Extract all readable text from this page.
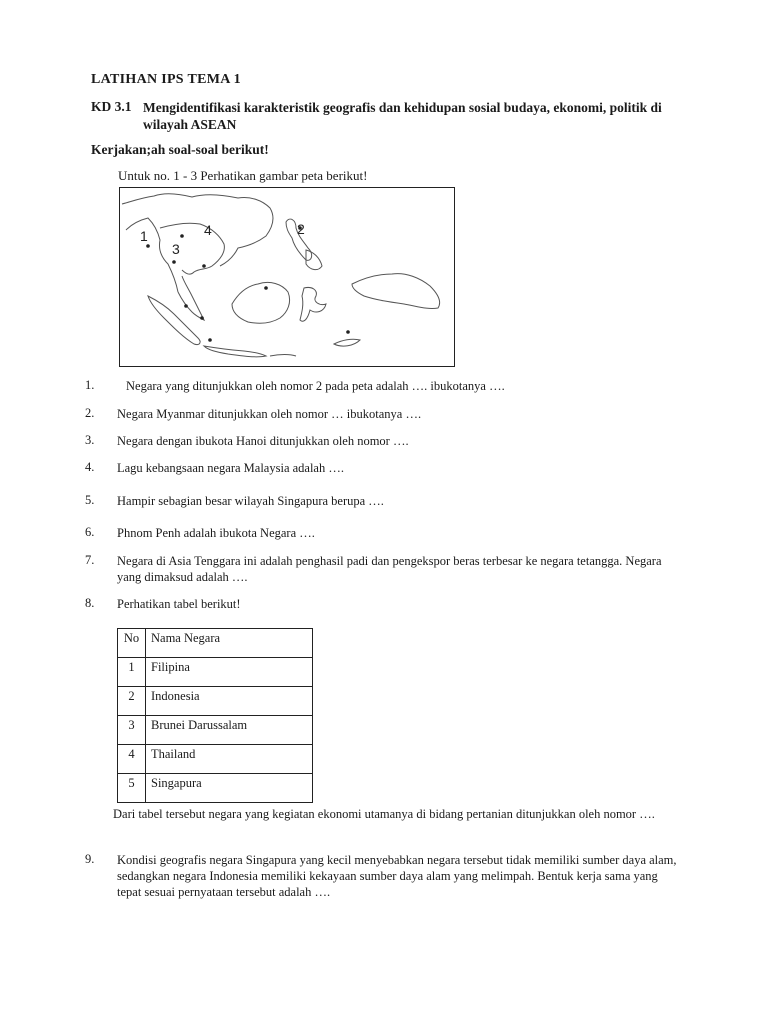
LATIHAN IPS TEMA 1
KD 3.1 Mengidentifikasi karakteristik geografis dan kehidupan sosial budaya, ekonomi, politik di wilayah ASEAN
Kerjakan;ah soal-soal berikut!
Untuk no. 1 - 3 Perhatikan gambar peta berikut!
1	2
3
4
1.	Negara yang ditunjukkan oleh nomor 2 pada peta adalah …. ibukotanya ….
2. Negara Myanmar ditunjukkan oleh nomor … ibukotanya ….
3. Negara dengan ibukota Hanoi ditunjukkan oleh nomor ….
4. Lagu kebangsaan negara Malaysia adalah ….
5. Hampir sebagian besar wilayah Singapura berupa ….
6. Phnom Penh adalah ibukota Negara ….
7. Negara di Asia Tenggara ini adalah penghasil padi dan pengekspor beras terbesar ke negara tetangga. Negara yang dimaksud adalah ….
8. Perhatikan tabel berikut!
No	Nama Negara
1	Filipina
2	Indonesia
3	Brunei Darussalam
4	Thailand
5	Singapura
Dari tabel tersebut negara yang kegiatan ekonomi utamanya di bidang pertanian ditunjukkan oleh nomor ….
9. Kondisi geografis negara Singapura yang kecil menyebabkan negara tersebut tidak memiliki sumber daya alam, sedangkan negara Indonesia memiliki kekayaan sumber daya alam yang melimpah. Bentuk kerja sama yang tepat sesuai pernyataan tersebut adalah ….
